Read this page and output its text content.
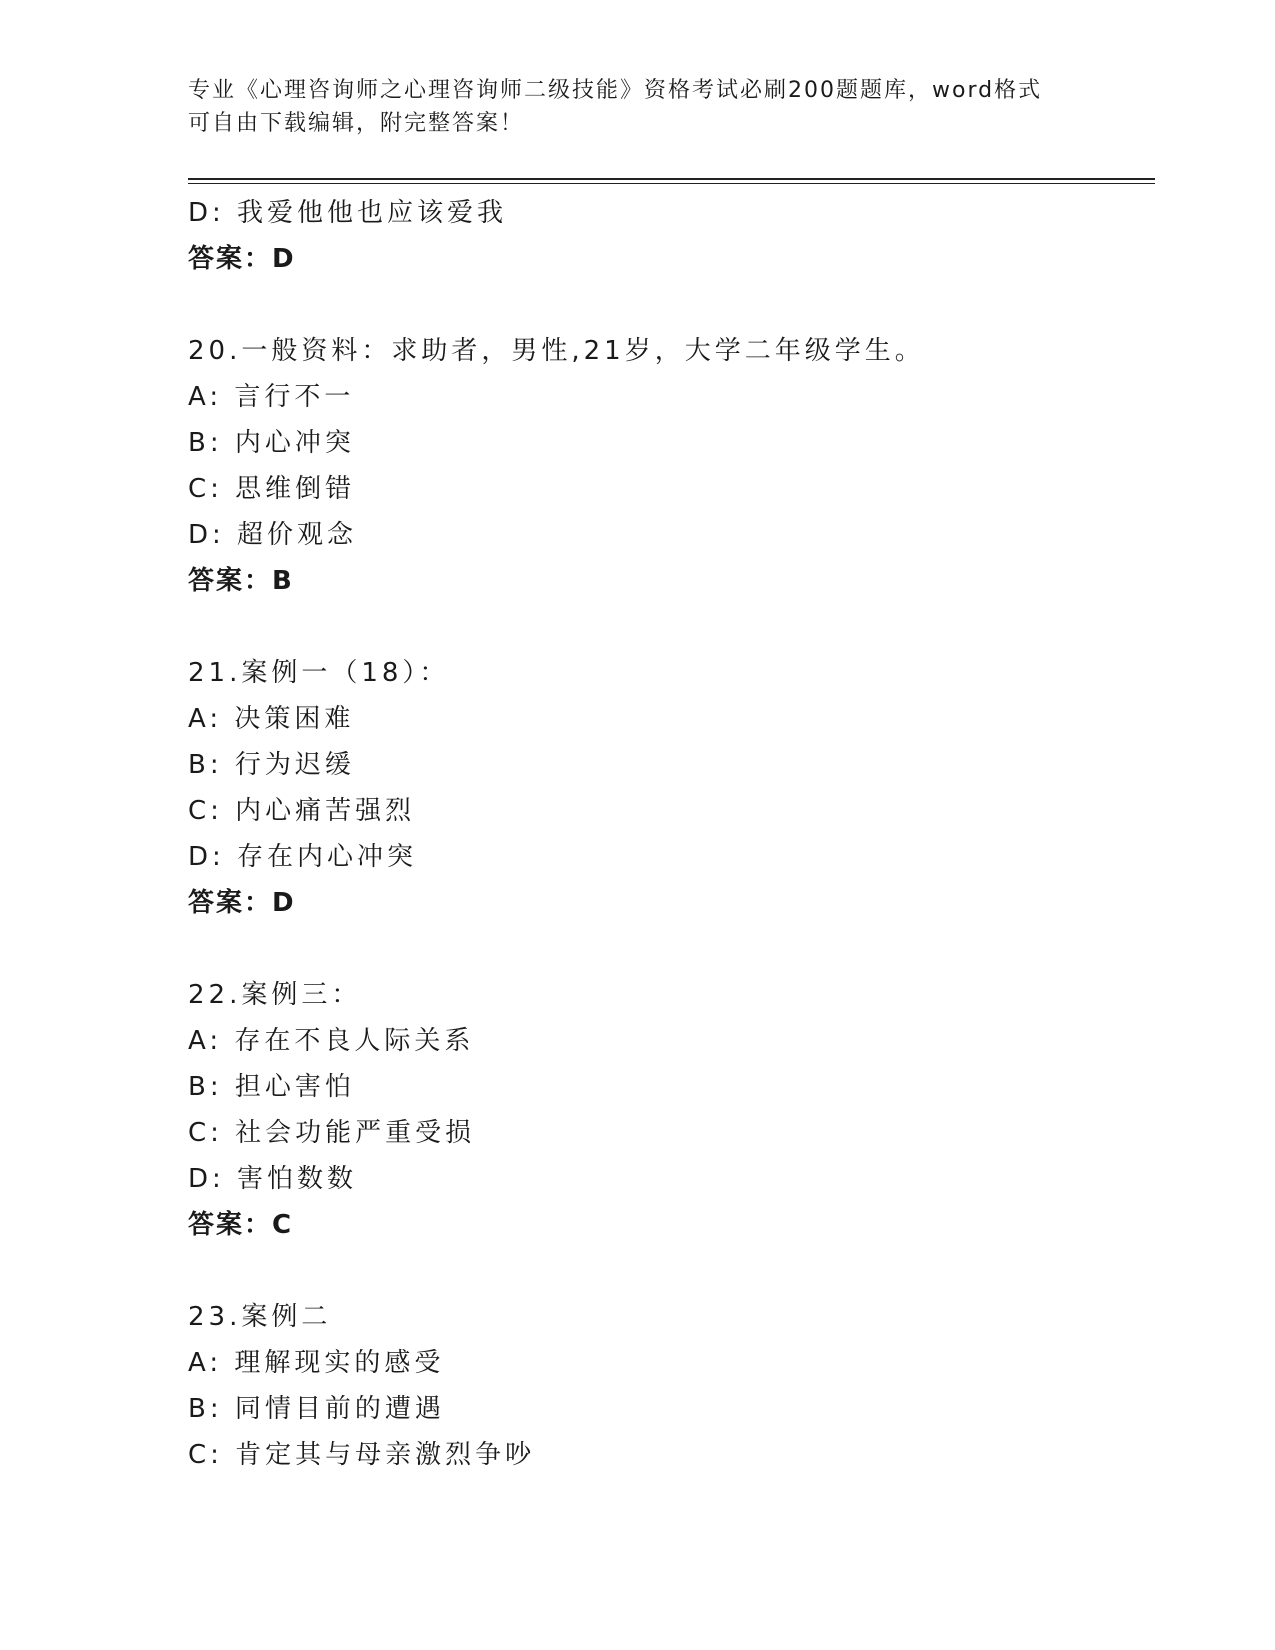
专业《心理咨询师之心理咨询师二级技能》资格考试必刷200题题库，word格式
可自由下载编辑，附完整答案！
D: 我爱他他也应该爱我
答案：D
20.一般资料：求助者，男性,21岁，大学二年级学生。
A: 言行不一
B: 内心冲突
C: 思维倒错
D: 超价观念
答案：B
21.案例一（18）：
A: 决策困难
B: 行为迟缓
C: 内心痛苦强烈
D: 存在内心冲突
答案：D
22.案例三：
A: 存在不良人际关系
B: 担心害怕
C: 社会功能严重受损
D: 害怕数数
答案：C
23.案例二
A: 理解现实的感受
B: 同情目前的遭遇
C: 肯定其与母亲激烈争吵
